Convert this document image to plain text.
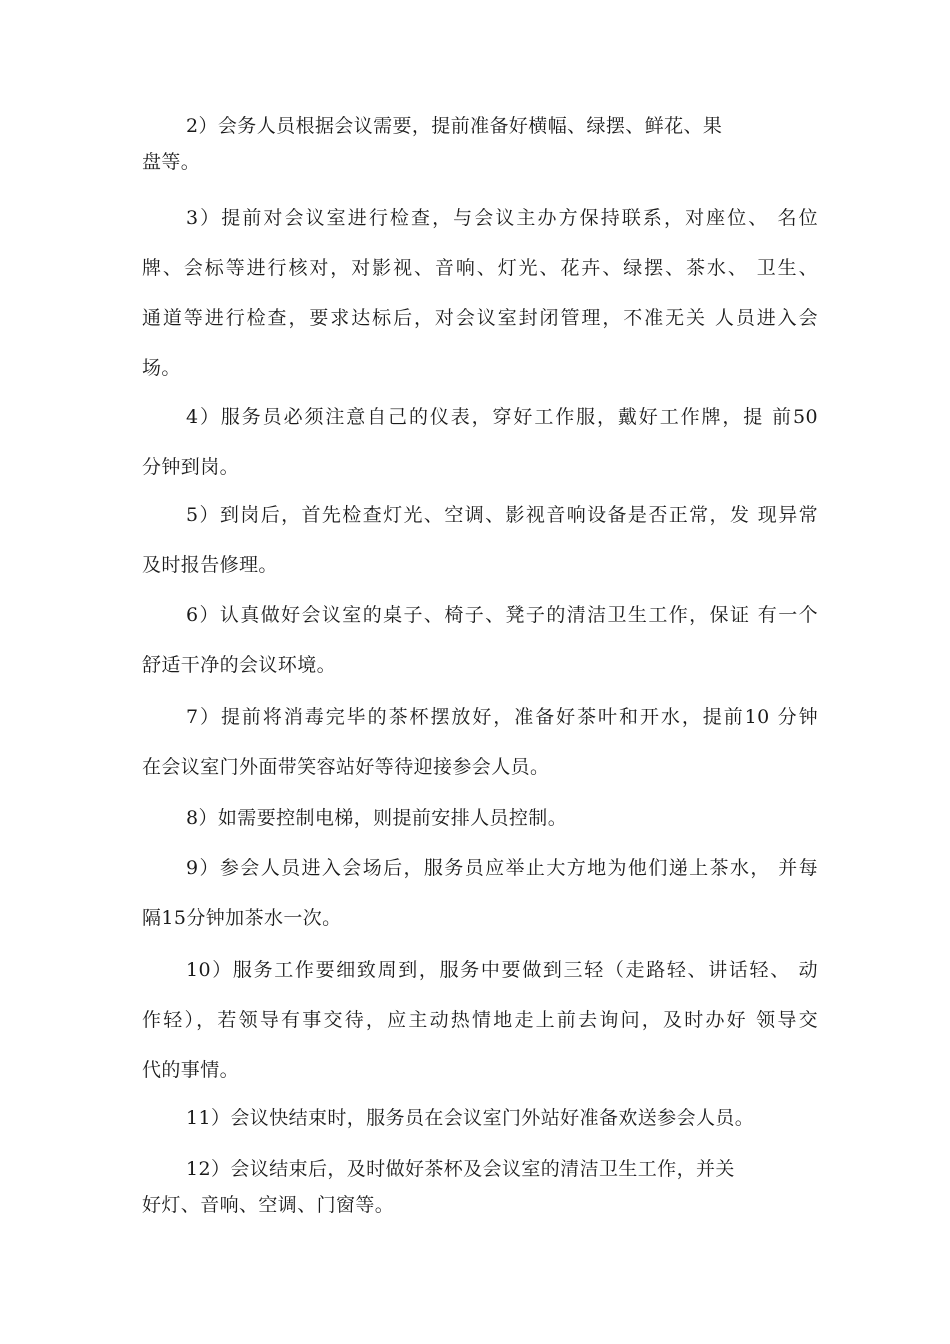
2）会务人员根据会议需要，提前准备好横幅、绿摆、鲜花、果
盘等。
3）提前对会议室进行检查，与会议主办方保持联系，对座位、 名位
牌、会标等进行核对，对影视、音响、灯光、花卉、绿摆、茶水、 卫生、
通道等进行检查，要求达标后，对会议室封闭管理，不准无关 人员进入会
场。
4）服务员必须注意自己的仪表，穿好工作服，戴好工作牌，提 前50
分钟到岗。
5）到岗后，首先检查灯光、空调、影视音响设备是否正常，发 现异常
及时报告修理。
6）认真做好会议室的桌子、椅子、凳子的清洁卫生工作，保证 有一个
舒适干净的会议环境。
7）提前将消毒完毕的茶杯摆放好，准备好茶叶和开水，提前10 分钟
在会议室门外面带笑容站好等待迎接参会人员。
8）如需要控制电梯，则提前安排人员控制。
9）参会人员进入会场后，服务员应举止大方地为他们递上茶水， 并每
隔15分钟加茶水一次。
10）服务工作要细致周到，服务中要做到三轻（走路轻、讲话轻、 动
作轻），若领导有事交待，应主动热情地走上前去询问，及时办好 领导交
代的事情。
11）会议快结束时，服务员在会议室门外站好准备欢送参会人员。
12）会议结束后，及时做好茶杯及会议室的清洁卫生工作，并关
好灯、音响、空调、门窗等。
